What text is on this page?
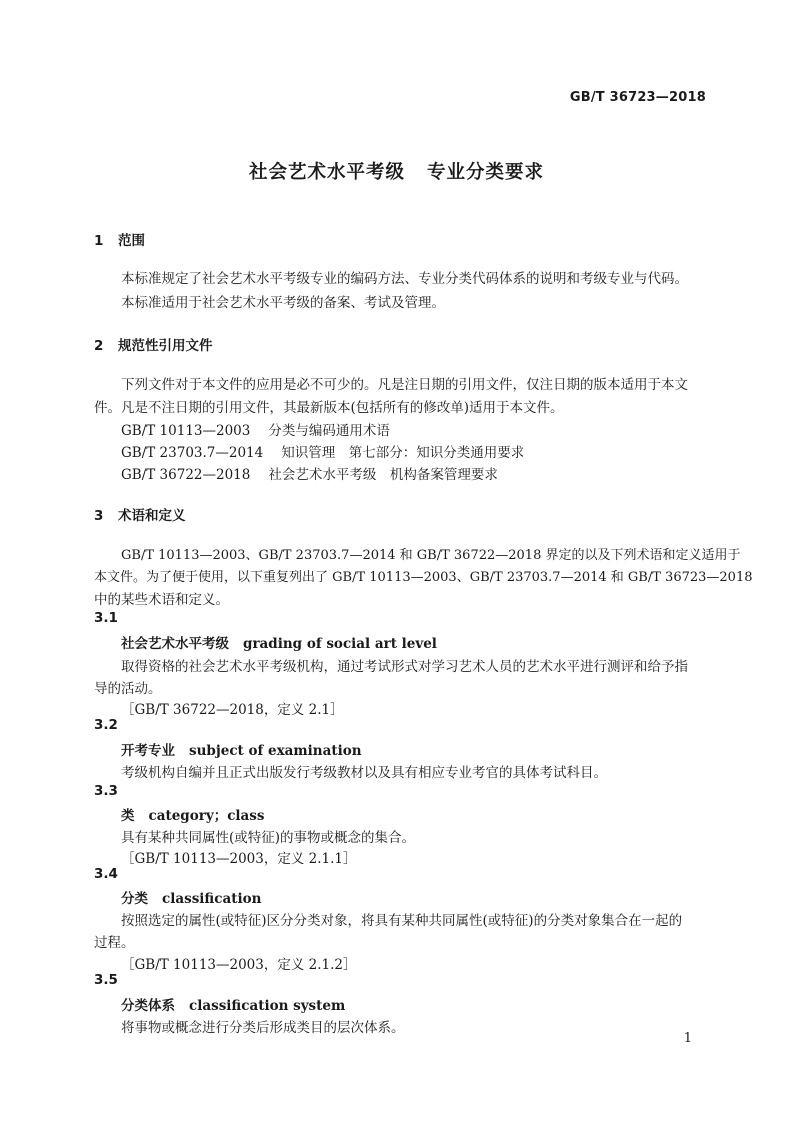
GB/T 36723—2018
社会艺术水平考级 专业分类要求
1 范围
本标准规定了社会艺术水平考级专业的编码方法、专业分类代码体系的说明和考级专业与代码。
本标准适用于社会艺术水平考级的备案、考试及管理。
2 规范性引用文件
下列文件对于本文件的应用是必不可少的。凡是注日期的引用文件，仅注日期的版本适用于本文
件。凡是不注日期的引用文件，其最新版本(包括所有的修改单)适用于本文件。
GB/T 10113—2003 分类与编码通用术语
GB/T 23703.7—2014 知识管理　第七部分：知识分类通用要求
GB/T 36722—2018 社会艺术水平考级　机构备案管理要求
3 术语和定义
GB/T 10113—2003、GB/T 23703.7—2014 和 GB/T 36722—2018 界定的以及下列术语和定义适用于
本文件。为了便于使用，以下重复列出了 GB/T 10113—2003、GB/T 23703.7—2014 和 GB/T 36723—2018
中的某些术语和定义。
3.1
社会艺术水平考级 grading of social art level
取得资格的社会艺术水平考级机构，通过考试形式对学习艺术人员的艺术水平进行测评和给予指
导的活动。
［GB/T 36722—2018，定义 2.1］
3.2
开考专业 subject of examination
考级机构自编并且正式出版发行考级教材以及具有相应专业考官的具体考试科目。
3.3
类 category；class
具有某种共同属性(或特征)的事物或概念的集合。
［GB/T 10113—2003，定义 2.1.1］
3.4
分类 classification
按照选定的属性(或特征)区分分类对象，将具有某种共同属性(或特征)的分类对象集合在一起的
过程。
［GB/T 10113—2003，定义 2.1.2］
3.5
分类体系 classification system
将事物或概念进行分类后形成类目的层次体系。
1
